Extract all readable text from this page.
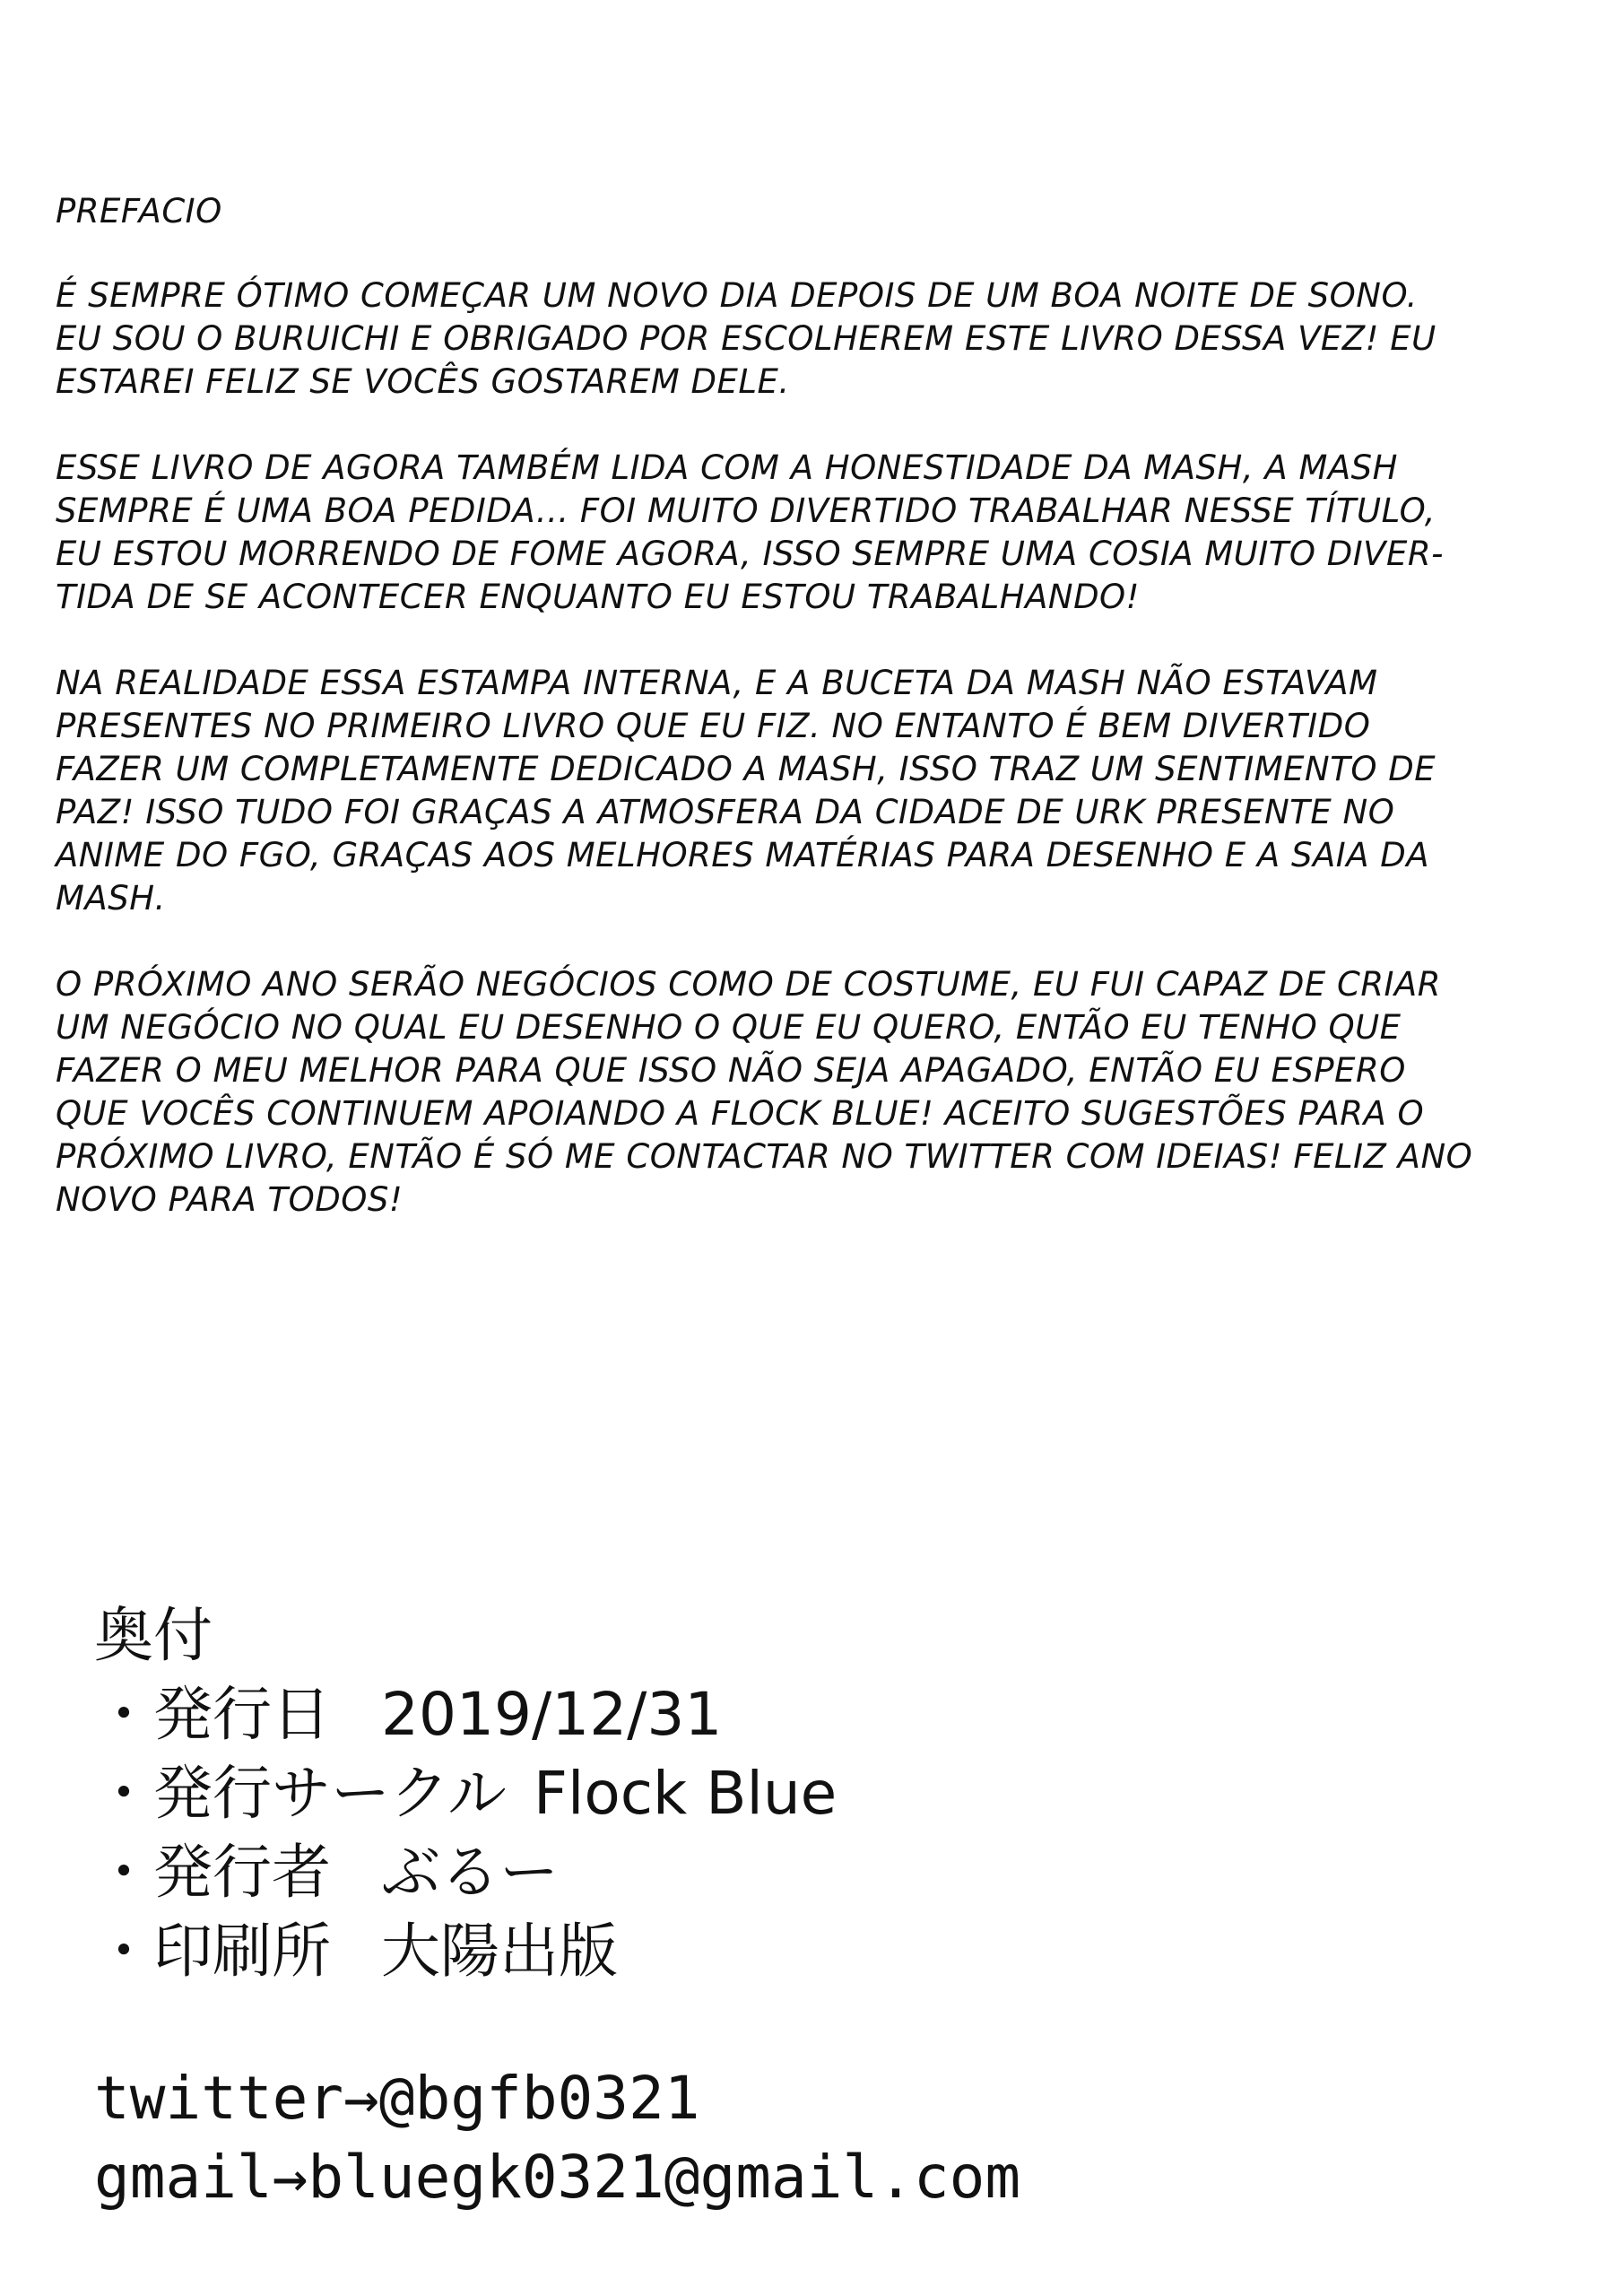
PREFACIO
É SEMPRE ÓTIMO COMEÇAR UM NOVO DIA DEPOIS DE UM BOA NOITE DE SONO.
EU SOU O BURUICHI E OBRIGADO POR ESCOLHEREM ESTE LIVRO DESSA VEZ! EU
ESTAREI FELIZ SE VOCÊS GOSTAREM DELE.
ESSE LIVRO DE AGORA TAMBÉM LIDA COM A HONESTIDADE DA MASH, A MASH
SEMPRE É UMA BOA PEDIDA... FOI MUITO DIVERTIDO TRABALHAR NESSE TÍTULO,
EU ESTOU MORRENDO DE FOME AGORA, ISSO SEMPRE UMA COSIA MUITO DIVER-
TIDA DE SE ACONTECER ENQUANTO EU ESTOU TRABALHANDO!
NA REALIDADE ESSA ESTAMPA INTERNA, E A BUCETA DA MASH NÃO ESTAVAM
PRESENTES NO PRIMEIRO LIVRO QUE EU FIZ. NO ENTANTO É BEM DIVERTIDO
FAZER UM COMPLETAMENTE DEDICADO A MASH, ISSO TRAZ UM SENTIMENTO DE
PAZ! ISSO TUDO FOI GRAÇAS A ATMOSFERA DA CIDADE DE URK PRESENTE NO
ANIME DO FGO, GRAÇAS AOS MELHORES MATÉRIAS PARA DESENHO E A SAIA DA
MASH.
O PRÓXIMO ANO SERÃO NEGÓCIOS COMO DE COSTUME, EU FUI CAPAZ DE CRIAR
UM NEGÓCIO NO QUAL EU DESENHO O QUE EU QUERO, ENTÃO EU TENHO QUE
FAZER O MEU MELHOR PARA QUE ISSO NÃO SEJA APAGADO, ENTÃO EU ESPERO
QUE VOCÊS CONTINUEM APOIANDO A FLOCK BLUE! ACEITO SUGESTÕES PARA O
PRÓXIMO LIVRO, ENTÃO É SÓ ME CONTACTAR NO TWITTER COM IDEIAS! FELIZ ANO
NOVO PARA TODOS!
奥付
・発行日 2019/12/31
・発行サークル Flock Blue
・発行者 ぶるー
・印刷所 大陽出版
twitter→@bgfb0321
gmail→bluegk0321@gmail.com
